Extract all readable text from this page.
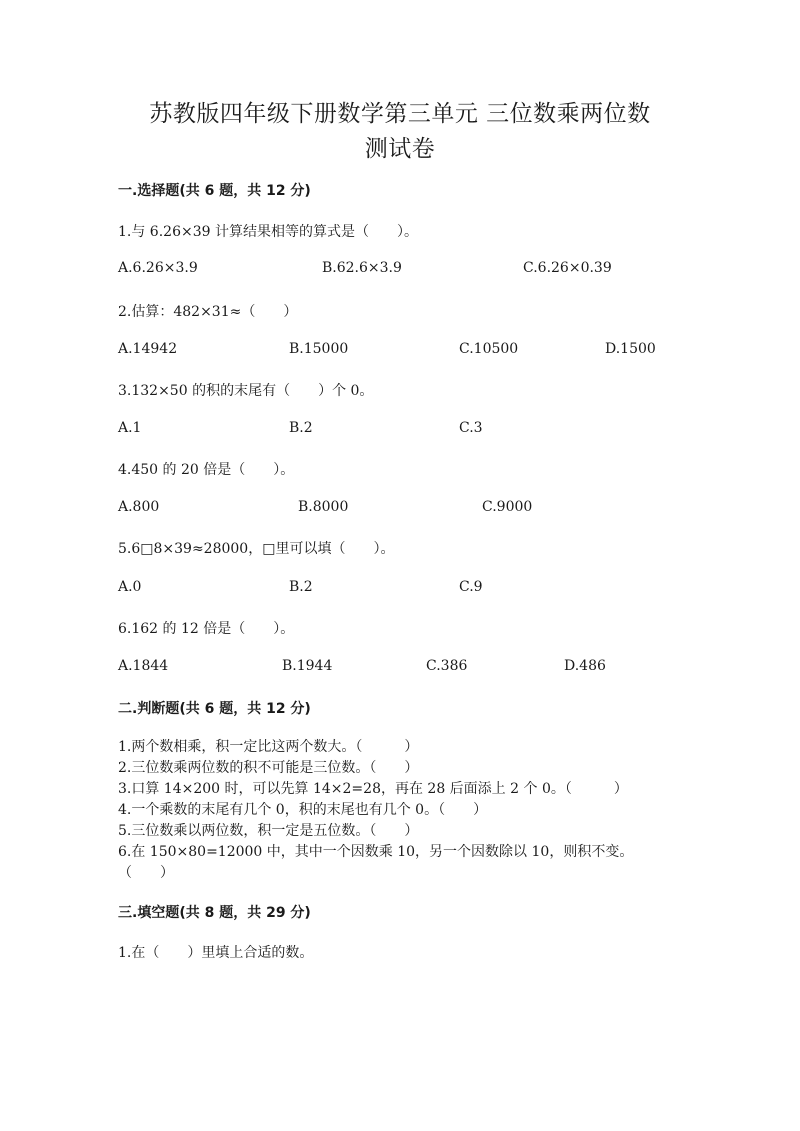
苏教版四年级下册数学第三单元 三位数乘两位数
测试卷
一.选择题(共 6 题，共 12 分)
1.与 6.26×39 计算结果相等的算式是（　　）。
A.6.26×3.9	B.62.6×3.9	C.6.26×0.39
2.估算：482×31≈（　　）
A.14942	B.15000	C.10500	D.1500
3.132×50 的积的末尾有（　　）个 0。
A.1	B.2	C.3
4.450 的 20 倍是（　　）。
A.800	B.8000	C.9000
5.6□8×39≈28000，□里可以填（　　）。
A.0	B.2	C.9
6.162 的 12 倍是（　　）。
A.1844	B.1944	C.386	D.486
二.判断题(共 6 题，共 12 分)
1.两个数相乘，积一定比这两个数大。（　　　）
2.三位数乘两位数的积不可能是三位数。（　　）
3.口算 14×200 时，可以先算 14×2=28，再在 28 后面添上 2 个 0。（　　　）
4.一个乘数的末尾有几个 0，积的末尾也有几个 0。（　　）
5.三位数乘以两位数，积一定是五位数。（　　）
6.在 150×80=12000 中，其中一个因数乘 10，另一个因数除以 10，则积不变。
（　　）
三.填空题(共 8 题，共 29 分)
1.在（　　）里填上合适的数。
